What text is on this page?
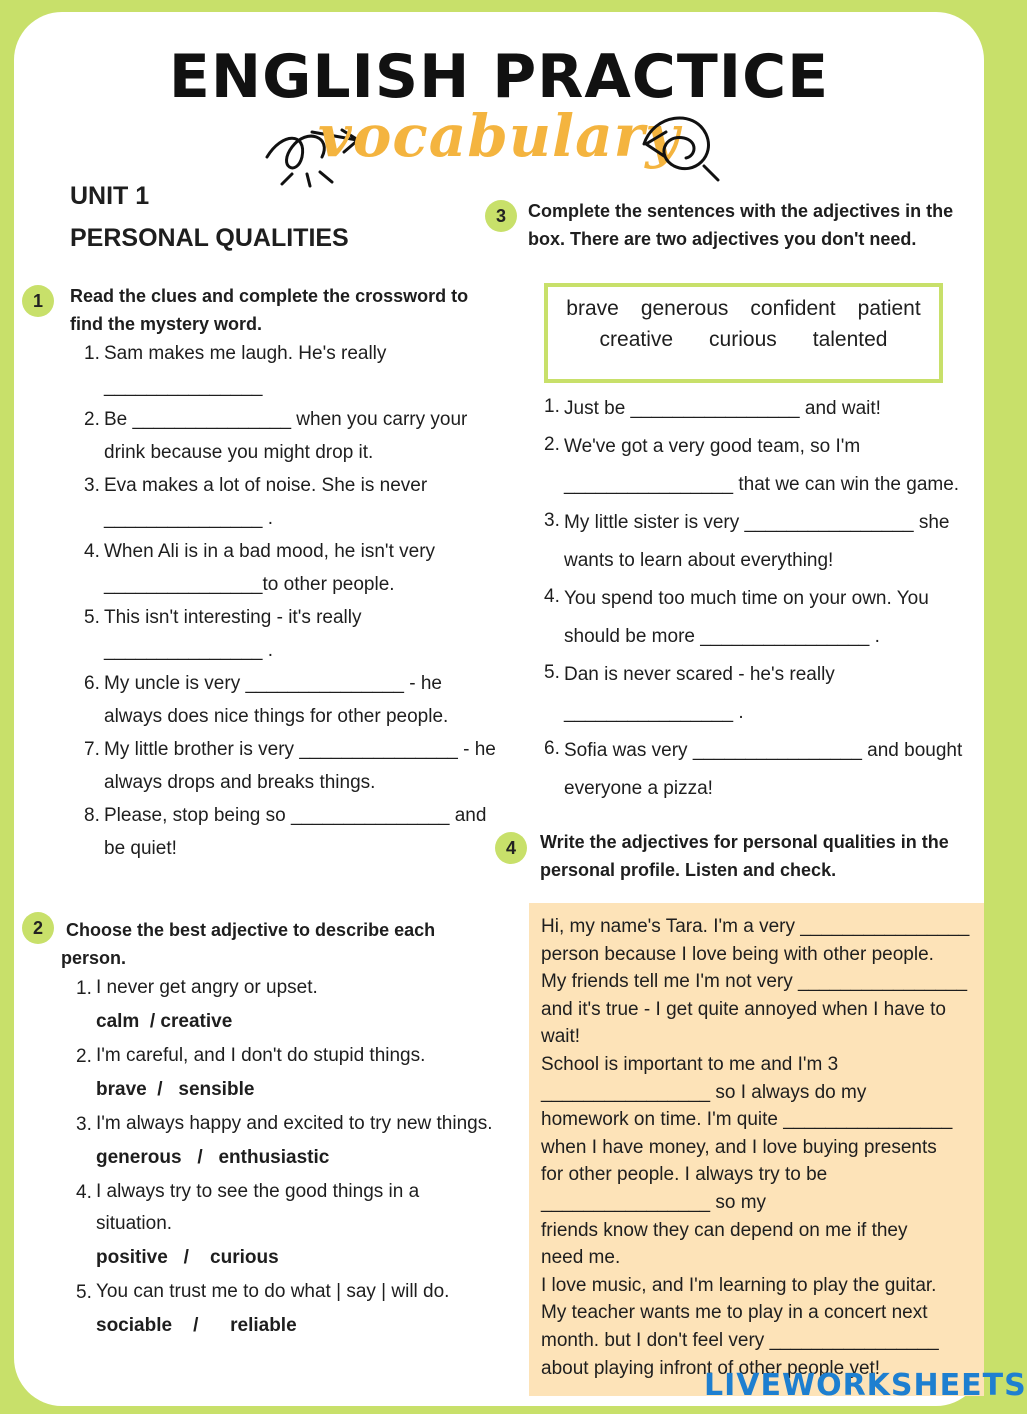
ENGLISH PRACTICE
vocabulary
UNIT 1
PERSONAL QUALITIES
1	Read the clues and complete the crossword to find the mystery word.
1. Sam makes me laugh. He's really
_______________
2. Be _______________ when you carry your
drink because you might drop it.
3. Eva makes a lot of noise. She is never
_______________ .
4. When Ali is in a bad mood, he isn't very
_______________to other people.
5. This isn't interesting - it's really
_______________ .
6. My uncle is very _______________ - he
always does nice things for other people.
7. My little brother is very _______________ - he
always drops and breaks things.
8. Please, stop being so _______________ and
be quiet!
2	Choose the best adjective to describe each
person.
1. I never get angry or upset.
calm  / creative
2. I'm careful, and I don't do stupid things.
brave  /   sensible
3. I'm always happy and excited to try new things.
generous   /   enthusiastic
4. I always try to see the good things in a
situation.
positive   /    curious
5. You can trust me to do what | say | will do.
sociable    /      reliable
3	Complete the sentences with the adjectives in the box. There are two adjectives you don't need.
brave generous confident patient
creative curious talented
1. Just be ________________ and wait!
2. We've got a very good team, so I'm
________________ that we can win the game.
3. My little sister is very ________________ she
wants to learn about everything!
4. You spend too much time on your own. You
should be more ________________ .
5. Dan is never scared - he's really
________________ .
6. Sofia was very ________________ and bought
everyone a pizza!
4	Write the adjectives for personal qualities in the personal profile. Listen and check.

Hi, my name's Tara. I'm a very ________________

person because I love being with other people.

My friends tell me I'm not very ________________

and it's true - I get quite annoyed when I have to

wait!

School is important to me and I'm 3

________________ so I always do my

homework on time. I'm quite ________________

when I have money, and I love buying presents

for other people. I always try to be

________________ so my

friends know they can depend on me if they

need me.

I love music, and I'm learning to play the guitar.

My teacher wants me to play in a concert next

month. but I don't feel very ________________

about playing infront of other people yet!

LIVEWORKSHEETS
